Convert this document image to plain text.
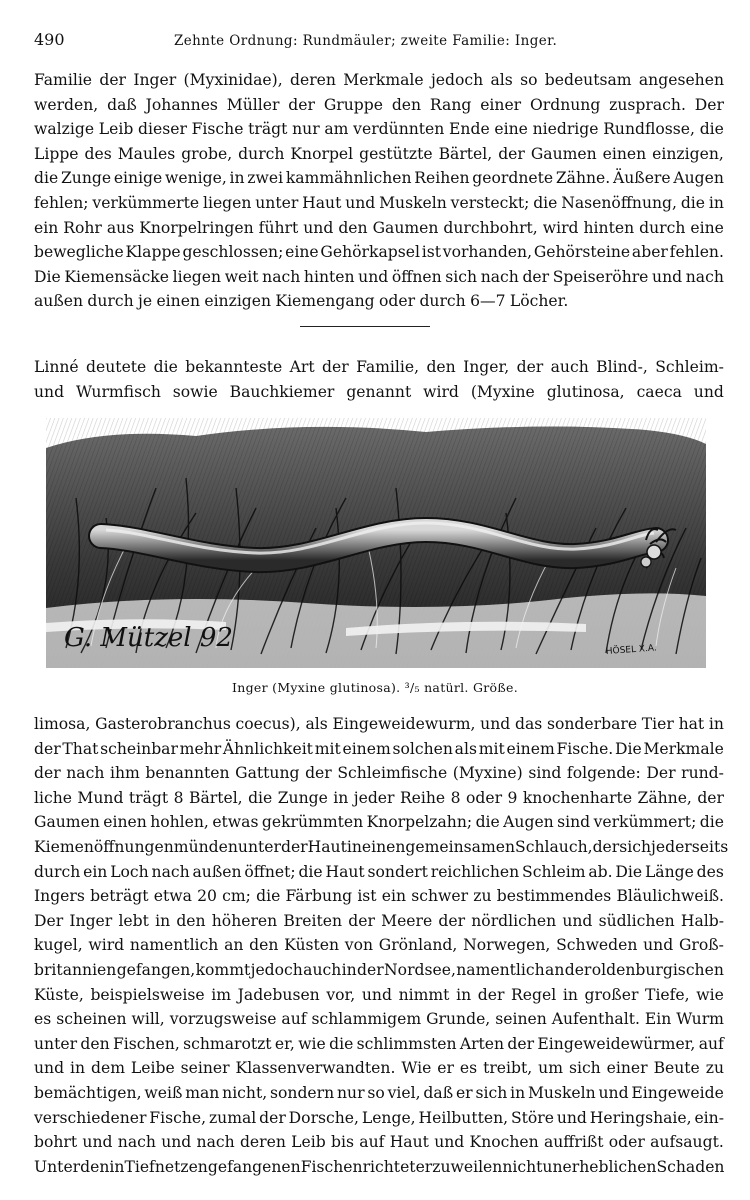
490	Zehnte Ordnung: Rundmäuler; zweite Familie: Inger.
Familie der Inger (Myxinidae), deren Merkmale jedoch als so bedeutsam angesehen
werden, daß Johannes Müller der Gruppe den Rang einer Ordnung zusprach. Der
walzige Leib dieser Fische trägt nur am verdünnten Ende eine niedrige Rundflosse, die
Lippe des Maules grobe, durch Knorpel gestützte Bärtel, der Gaumen einen einzigen,
die Zunge einige wenige, in zwei kammähnlichen Reihen geordnete Zähne. Äußere Augen
fehlen; verkümmerte liegen unter Haut und Muskeln versteckt; die Nasenöffnung, die in
ein Rohr aus Knorpelringen führt und den Gaumen durchbohrt, wird hinten durch eine
bewegliche Klappe geschlossen; eine Gehörkapsel ist vorhanden, Gehörsteine aber fehlen.
Die Kiemensäcke liegen weit nach hinten und öffnen sich nach der Speiseröhre und nach
außen durch je einen einzigen Kiemengang oder durch 6—7 Löcher.
Linné deutete die bekannteste Art der Familie, den Inger, der auch Blind-, Schleim-
und Wurmfisch sowie Bauchkiemer genannt wird (Myxine glutinosa, caeca und
G. Mützel 92	HÖSEL X.A.
Inger (Myxine glutinosa). ³/₅ natürl. Größe.
limosa, Gasterobranchus coecus), als Eingeweidewurm, und das sonderbare Tier hat in
der That scheinbar mehr Ähnlichkeit mit einem solchen als mit einem Fische. Die Merkmale
der nach ihm benannten Gattung der Schleimfische (Myxine) sind folgende: Der rund-
liche Mund trägt 8 Bärtel, die Zunge in jeder Reihe 8 oder 9 knochenharte Zähne, der
Gaumen einen hohlen, etwas gekrümmten Knorpelzahn; die Augen sind verkümmert; die
Kiemenöffnungen münden unter der Haut in einen gemeinsamen Schlauch, der sich jederseits
durch ein Loch nach außen öffnet; die Haut sondert reichlichen Schleim ab. Die Länge des
Ingers beträgt etwa 20 cm; die Färbung ist ein schwer zu bestimmendes Bläulichweiß.
Der Inger lebt in den höheren Breiten der Meere der nördlichen und südlichen Halb-
kugel, wird namentlich an den Küsten von Grönland, Norwegen, Schweden und Groß-
britannien gefangen, kommt jedoch auch in der Nordsee, namentlich an der oldenburgischen
Küste, beispielsweise im Jadebusen vor, und nimmt in der Regel in großer Tiefe, wie
es scheinen will, vorzugsweise auf schlammigem Grunde, seinen Aufenthalt. Ein Wurm
unter den Fischen, schmarotzt er, wie die schlimmsten Arten der Eingeweidewürmer, auf
und in dem Leibe seiner Klassenverwandten. Wie er es treibt, um sich einer Beute zu
bemächtigen, weiß man nicht, sondern nur so viel, daß er sich in Muskeln und Eingeweide
verschiedener Fische, zumal der Dorsche, Lenge, Heilbutten, Störe und Heringshaie, ein-
bohrt und nach und nach deren Leib bis auf Haut und Knochen auffrißt oder aufsaugt.
Unter den in Tiefnetzen gefangenen Fischen richtet er zuweilen nicht unerheblichen Schaden
